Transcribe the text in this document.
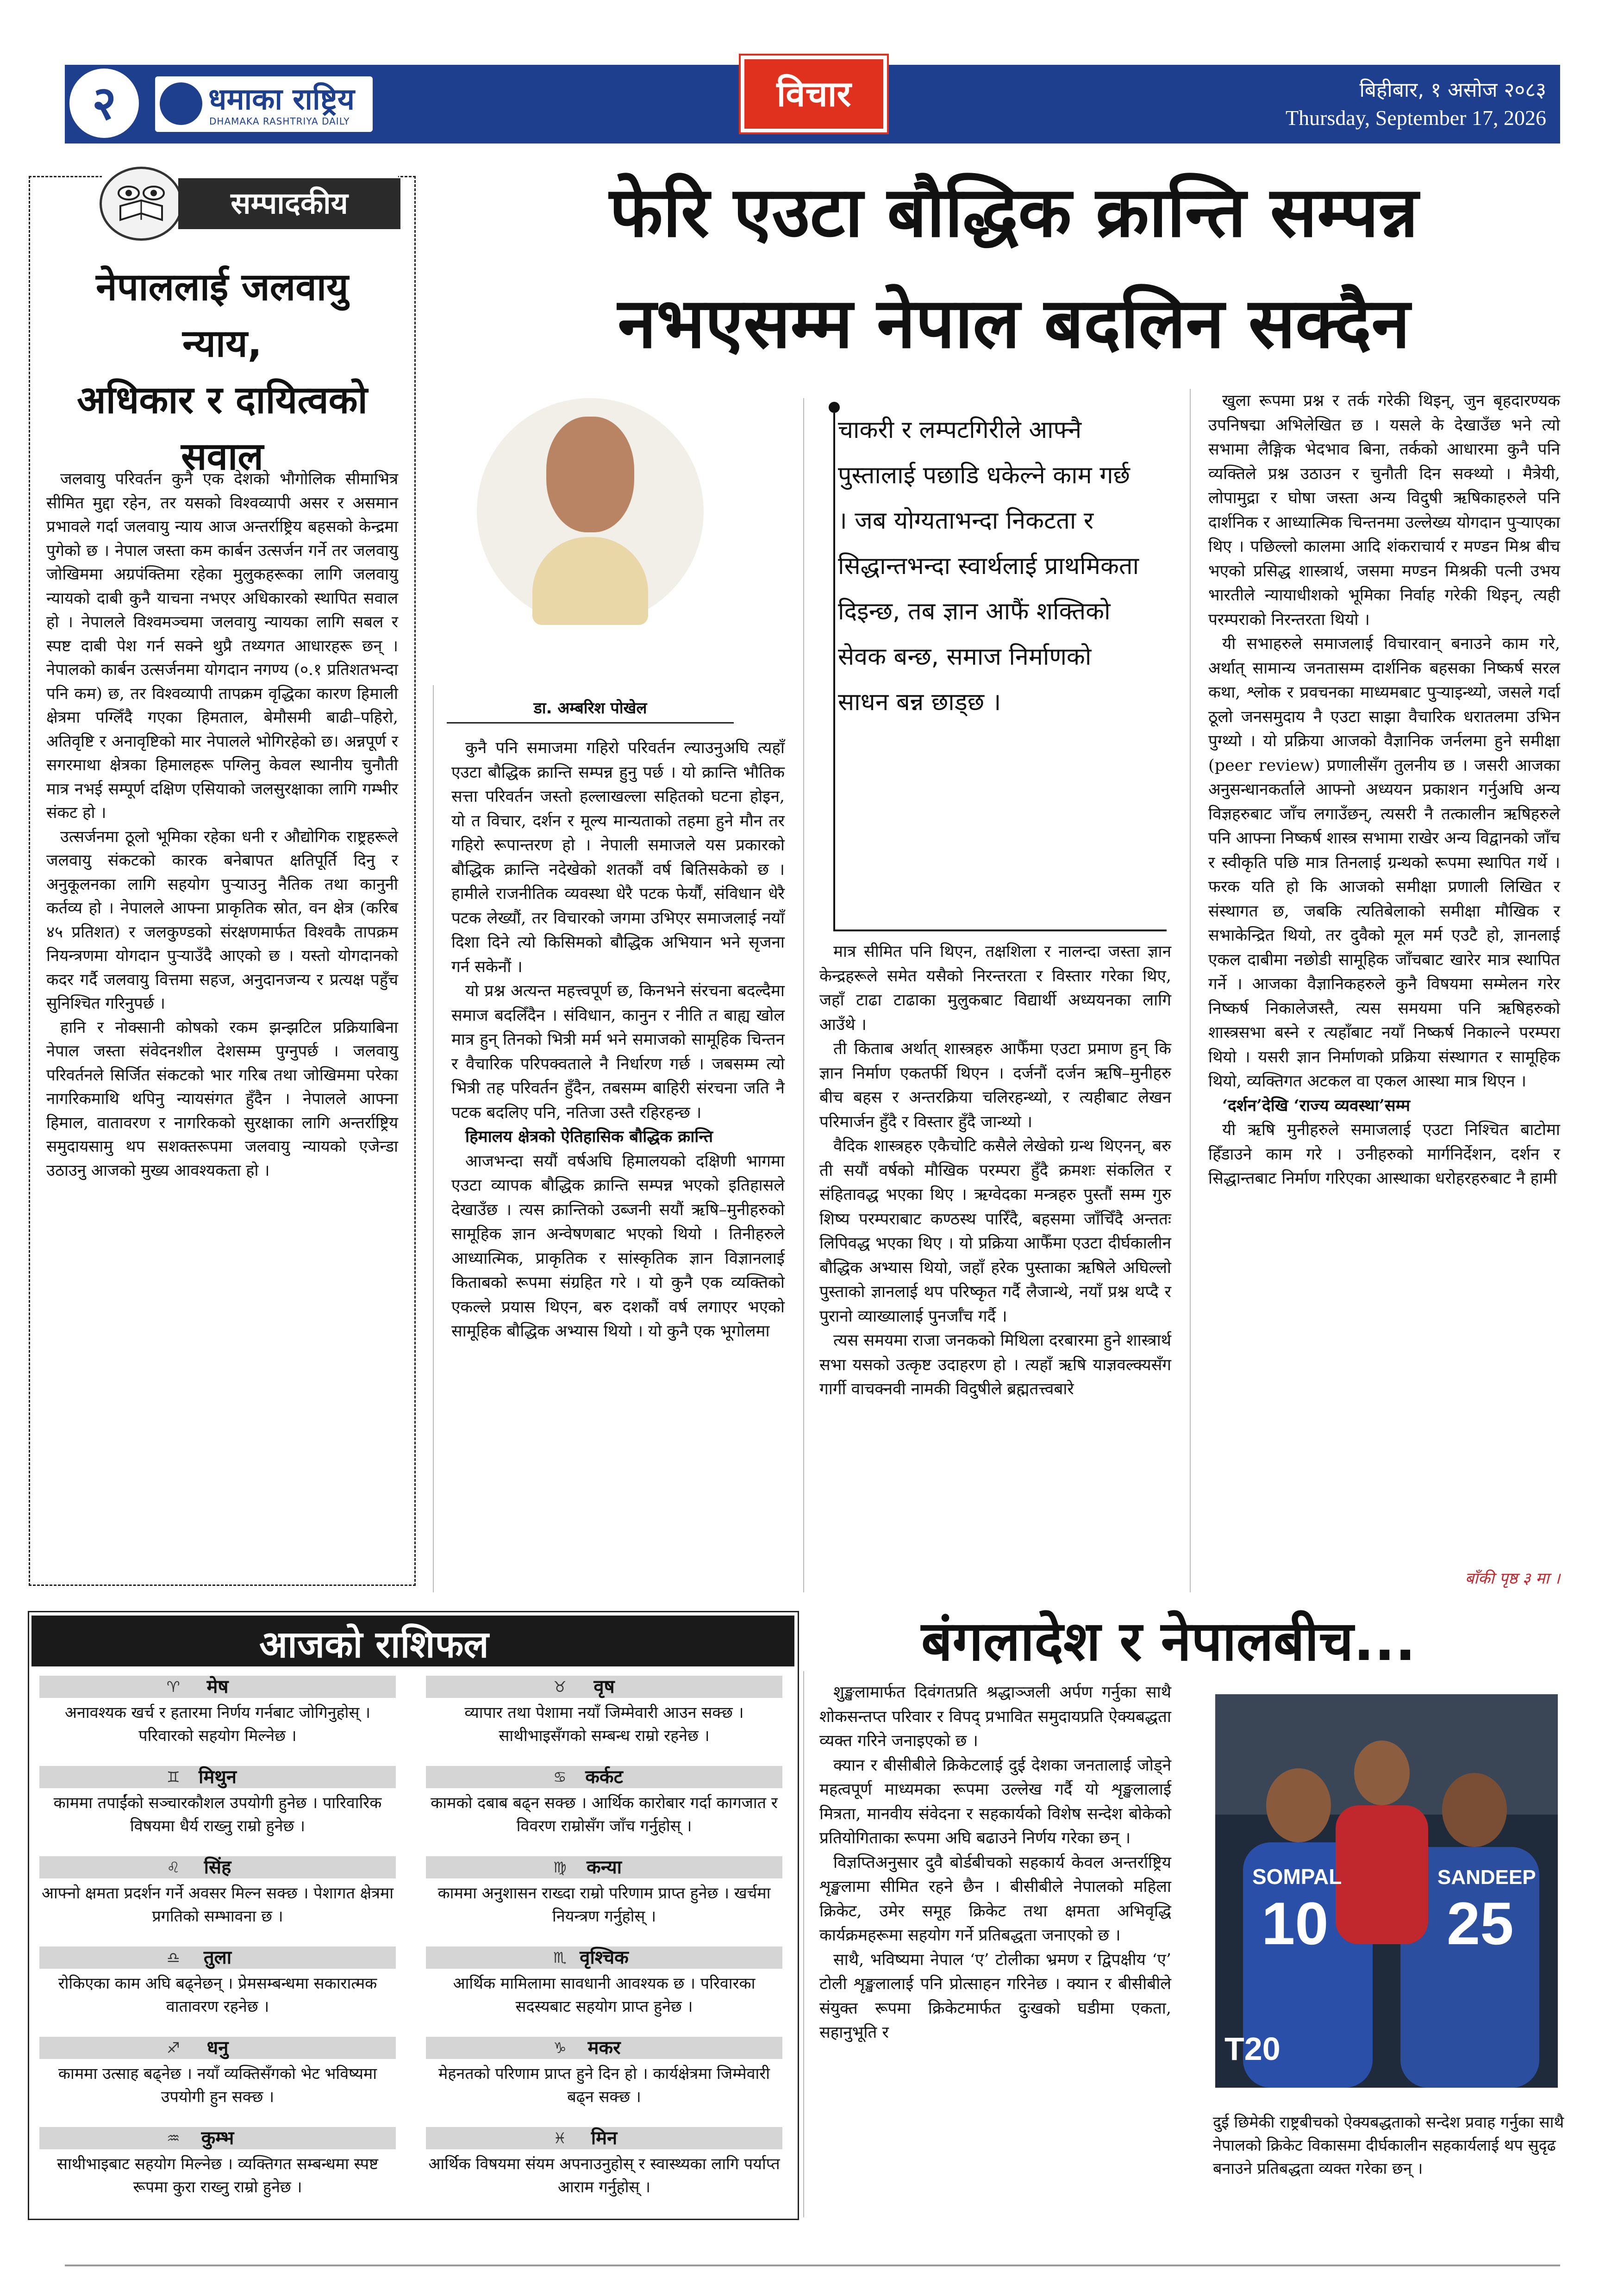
२	धमाका राष्ट्रिय
DHAMAKA RASHTRIYA DAILY
विचार	बिहीबार, १ असोज २०८३
Thursday, September 17, 2026
सम्पादकीय
नेपाललाई जलवायु न्याय,
अधिकार र दायित्वको
सवाल

जलवायु परिवर्तन कुनै एक देशको भौगोलिक सीमाभित्र सीमित मुद्दा रहेन, तर यसको विश्वव्यापी असर र असमान प्रभावले गर्दा जलवायु न्याय आज अन्तर्राष्ट्रिय बहसको केन्द्रमा पुगेको छ । नेपाल जस्ता कम कार्बन उत्सर्जन गर्ने तर जलवायु जोखिममा अग्रपंक्तिमा रहेका मुलुकहरूका लागि जलवायु न्यायको दाबी कुनै याचना नभएर अधिकारको स्थापित सवाल हो । नेपालले विश्वमञ्चमा जलवायु न्यायका लागि सबल र स्पष्ट दाबी पेश गर्न सक्ने थुप्रै तथ्यगत आधारहरू छन् । नेपालको कार्बन उत्सर्जनमा योगदान नगण्य (०.१ प्रतिशतभन्दा पनि कम) छ, तर विश्वव्यापी तापक्रम वृद्धिका कारण हिमाली क्षेत्रमा पग्लिँदै गएका हिमताल, बेमौसमी बाढी–पहिरो, अतिवृष्टि र अनावृष्टिको मार नेपालले भोगिरहेको छ। अन्नपूर्ण र सगरमाथा क्षेत्रका हिमालहरू पग्लिनु केवल स्थानीय चुनौती मात्र नभई सम्पूर्ण दक्षिण एसियाको जलसुरक्षाका लागि गम्भीर संकट हो ।

उत्सर्जनमा ठूलो भूमिका रहेका धनी र औद्योगिक राष्ट्रहरूले जलवायु संकटको कारक बनेबापत क्षतिपूर्ति दिनु र अनुकूलनका लागि सहयोग पुऱ्याउनु नैतिक तथा कानुनी कर्तव्य हो । नेपालले आफ्ना प्राकृतिक स्रोत, वन क्षेत्र (करिब ४५ प्रतिशत) र जलकुण्डको संरक्षणमार्फत विश्वकै तापक्रम नियन्त्रणमा योगदान पुऱ्याउँदै आएको छ । यस्तो योगदानको कदर गर्दै जलवायु वित्तमा सहज, अनुदानजन्य र प्रत्यक्ष पहुँच सुनिश्चित गरिनुपर्छ ।

हानि र नोक्सानी कोषको रकम झन्झटिल प्रक्रियाबिना नेपाल जस्ता संवेदनशील देशसम्म पुग्नुपर्छ । जलवायु परिवर्तनले सिर्जित संकटको भार गरिब तथा जोखिममा परेका नागरिकमाथि थपिनु न्यायसंगत हुँदैन । नेपालले आफ्ना हिमाल, वातावरण र नागरिकको सुरक्षाका लागि अन्तर्राष्ट्रिय समुदायसामु थप सशक्तरूपमा जलवायु न्यायको एजेन्डा उठाउनु आजको मुख्य आवश्यकता हो ।

फेरि एउटा बौद्धिक क्रान्ति सम्पन्न
नभएसम्म नेपाल बदलिन सक्दैन
डा. अम्बरिश पोखेल

कुनै पनि समाजमा गहिरो परिवर्तन ल्याउनुअघि त्यहाँ एउटा बौद्धिक क्रान्ति सम्पन्न हुनु पर्छ । यो क्रान्ति भौतिक सत्ता परिवर्तन जस्तो हल्लाखल्ला सहितको घटना होइन, यो त विचार, दर्शन र मूल्य मान्यताको तहमा हुने मौन तर गहिरो रूपान्तरण हो । नेपाली समाजले यस प्रकारको बौद्धिक क्रान्ति नदेखेको शतकौं वर्ष बितिसकेको छ । हामीले राजनीतिक व्यवस्था धेरै पटक फेर्यौं, संविधान धेरै पटक लेख्यौं, तर विचारको जगमा उभिएर समाजलाई नयाँ दिशा दिने त्यो किसिमको बौद्धिक अभियान भने सृजना गर्न सकेनौं ।

यो प्रश्न अत्यन्त महत्त्वपूर्ण छ, किनभने संरचना बदल्दैमा समाज बदलिँदैन । संविधान, कानुन र नीति त बाह्य खोल मात्र हुन् तिनको भित्री मर्म भने समाजको सामूहिक चिन्तन र वैचारिक परिपक्वताले नै निर्धारण गर्छ । जबसम्म त्यो भित्री तह परिवर्तन हुँदैन, तबसम्म बाहिरी संरचना जति नै पटक बदलिए पनि, नतिजा उस्तै रहिरहन्छ ।

हिमालय क्षेत्रको ऐतिहासिक बौद्धिक क्रान्ति

आजभन्दा सयौं वर्षअघि हिमालयको दक्षिणी भागमा एउटा व्यापक बौद्धिक क्रान्ति सम्पन्न भएको इतिहासले देखाउँछ । त्यस क्रान्तिको उब्जनी सयौं ऋषि–मुनीहरुको सामूहिक ज्ञान अन्वेषणबाट भएको थियो । तिनीहरुले आध्यात्मिक, प्राकृतिक र सांस्कृतिक ज्ञान विज्ञानलाई किताबको रूपमा संग्रहित गरे । यो कुनै एक व्यक्तिको एकल्ले प्रयास थिएन, बरु दशकौं वर्ष लगाएर भएको सामूहिक बौद्धिक अभ्यास थियो । यो कुनै एक भूगोलमा

चाकरी र लम्पटगिरीले आफ्नै पुस्तालाई पछाडि धकेल्ने काम गर्छ । जब योग्यताभन्दा निकटता र सिद्धान्तभन्दा स्वार्थलाई प्राथमिकता दिइन्छ, तब ज्ञान आफैं शक्तिको सेवक बन्छ, समाज निर्माणको साधन बन्न छाड्छ ।

मात्र सीमित पनि थिएन, तक्षशिला र नालन्दा जस्ता ज्ञान केन्द्रहरूले समेत यसैको निरन्तरता र विस्तार गरेका थिए, जहाँ टाढा टाढाका मुलुकबाट विद्यार्थी अध्ययनका लागि आउँथे ।

ती किताब अर्थात् शास्त्रहरु आफैँमा एउटा प्रमाण हुन् कि ज्ञान निर्माण एकतर्फी थिएन । दर्जनौं दर्जन ऋषि–मुनीहरु बीच बहस र अन्तरक्रिया चलिरहन्थ्यो, र त्यहीबाट लेखन परिमार्जन हुँदै र विस्तार हुँदै जान्थ्यो ।

वैदिक शास्त्रहरु एकैचोटि कसैले लेखेको ग्रन्थ थिएनन्, बरु ती सयौं वर्षको मौखिक परम्परा हुँदै क्रमशः संकलित र संहितावद्ध भएका थिए । ऋग्वेदका मन्त्रहरु पुस्तौं सम्म गुरु शिष्य परम्पराबाट कण्ठस्थ पारिँदै, बहसमा जाँचिँदै अन्ततः लिपिवद्ध भएका थिए । यो प्रक्रिया आफैँमा एउटा दीर्घकालीन बौद्धिक अभ्यास थियो, जहाँ हरेक पुस्ताका ऋषिले अघिल्लो पुस्ताको ज्ञानलाई थप परिष्कृत गर्दै लैजान्थे, नयाँ प्रश्न थप्दै र पुरानो व्याख्यालाई पुनर्जाँच गर्दै ।

त्यस समयमा राजा जनकको मिथिला दरबारमा हुने शास्त्रार्थ सभा यसको उत्कृष्ट उदाहरण हो । त्यहाँ ऋषि याज्ञवल्क्यसँग गार्गी वाचक्नवी नामकी विदुषीले ब्रह्मतत्त्वबारे

खुला रूपमा प्रश्न र तर्क गरेकी थिइन्, जुन बृहदारण्यक उपनिषद्मा अभिलेखित छ । यसले के देखाउँछ भने त्यो सभामा लैङ्गिक भेदभाव बिना, तर्कको आधारमा कुनै पनि व्यक्तिले प्रश्न उठाउन र चुनौती दिन सक्थ्यो । मैत्रेयी, लोपामुद्रा र घोषा जस्ता अन्य विदुषी ऋषिकाहरुले पनि दार्शनिक र आध्यात्मिक चिन्तनमा उल्लेख्य योगदान पुऱ्याएका थिए । पछिल्लो कालमा आदि शंकराचार्य र मण्डन मिश्र बीच भएको प्रसिद्ध शास्त्रार्थ, जसमा मण्डन मिश्रकी पत्नी उभय भारतीले न्यायाधीशको भूमिका निर्वाह गरेकी थिइन्, त्यही परम्पराको निरन्तरता थियो ।

यी सभाहरुले समाजलाई विचारवान् बनाउने काम गरे, अर्थात् सामान्य जनतासम्म दार्शनिक बहसका निष्कर्ष सरल कथा, श्लोक र प्रवचनका माध्यमबाट पुऱ्याइन्थ्यो, जसले गर्दा ठूलो जनसमुदाय नै एउटा साझा वैचारिक धरातलमा उभिन पुग्थ्यो । यो प्रक्रिया आजको वैज्ञानिक जर्नलमा हुने समीक्षा (peer review) प्रणालीसँग तुलनीय छ । जसरी आजका अनुसन्धानकर्ताले आफ्नो अध्ययन प्रकाशन गर्नुअघि अन्य विज्ञहरुबाट जाँच लगाउँछन्, त्यसरी नै तत्कालीन ऋषिहरुले पनि आफ्ना निष्कर्ष शास्त्र सभामा राखेर अन्य विद्वानको जाँच र स्वीकृति पछि मात्र तिनलाई ग्रन्थको रूपमा स्थापित गर्थे । फरक यति हो कि आजको समीक्षा प्रणाली लिखित र संस्थागत छ, जबकि त्यतिबेलाको समीक्षा मौखिक र सभाकेन्द्रित थियो, तर दुवैको मूल मर्म एउटै हो, ज्ञानलाई एकल दाबीमा नछोडी सामूहिक जाँचबाट खारेर मात्र स्थापित गर्ने । आजका वैज्ञानिकहरुले कुनै विषयमा सम्मेलन गरेर निष्कर्ष निकालेजस्तै, त्यस समयमा पनि ऋषिहरुको शास्त्रसभा बस्ने र त्यहाँबाट नयाँ निष्कर्ष निकाल्ने परम्परा थियो । यसरी ज्ञान निर्माणको प्रक्रिया संस्थागत र सामूहिक थियो, व्यक्तिगत अटकल वा एकल आस्था मात्र थिएन ।

‘दर्शन’देखि ‘राज्य व्यवस्था’सम्म

यी ऋषि मुनीहरुले समाजलाई एउटा निश्चित बाटोमा हिँडाउने काम गरे । उनीहरुको मार्गनिर्देशन, दर्शन र सिद्धान्तबाट निर्माण गरिएका आस्थाका धरोहरहरुबाट नै हामी

बाँकी पृष्ठ ३ मा ।
आजको राशिफल
मेष
♈
अनावश्यक खर्च र हतारमा निर्णय गर्नबाट जोगिनुहोस् । परिवारको सहयोग मिल्नेछ ।
वृष
♉
व्यापार तथा पेशामा नयाँ जिम्मेवारी आउन सक्छ । साथीभाइसँगको सम्बन्ध राम्रो रहनेछ ।
मिथुन
♊
काममा तपाईंको सञ्चारकौशल उपयोगी हुनेछ । पारिवारिक विषयमा धैर्य राख्नु राम्रो हुनेछ ।
कर्कट
♋
कामको दबाब बढ्न सक्छ । आर्थिक कारोबार गर्दा कागजात र विवरण राम्रोसँग जाँच गर्नुहोस् ।
सिंह
♌
आफ्नो क्षमता प्रदर्शन गर्ने अवसर मिल्न सक्छ । पेशागत क्षेत्रमा प्रगतिको सम्भावना छ ।
कन्या
♍
काममा अनुशासन राख्दा राम्रो परिणाम प्राप्त हुनेछ । खर्चमा नियन्त्रण गर्नुहोस् ।
तुला
♎
रोकिएका काम अघि बढ्नेछन् । प्रेमसम्बन्धमा सकारात्मक वातावरण रहनेछ ।
वृश्चिक
♏
आर्थिक मामिलामा सावधानी आवश्यक छ । परिवारका सदस्यबाट सहयोग प्राप्त हुनेछ ।
धनु
♐
काममा उत्साह बढ्नेछ । नयाँ व्यक्तिसँगको भेट भविष्यमा उपयोगी हुन सक्छ ।
मकर
♑
मेहनतको परिणाम प्राप्त हुने दिन हो । कार्यक्षेत्रमा जिम्मेवारी बढ्न सक्छ ।
कुम्भ
♒
साथीभाइबाट सहयोग मिल्नेछ । व्यक्तिगत सम्बन्धमा स्पष्ट रूपमा कुरा राख्नु राम्रो हुनेछ ।
मिन
♓
आर्थिक विषयमा संयम अपनाउनुहोस् र स्वास्थ्यका लागि पर्याप्त आराम गर्नुहोस् ।
बंगलादेश र नेपालबीच...

शुङ्खलामार्फत दिवंगतप्रति श्रद्धाञ्जली अर्पण गर्नुका साथै शोकसन्तप्त परिवार र विपद् प्रभावित समुदायप्रति ऐक्यबद्धता व्यक्त गरिने जनाइएको छ ।

क्यान र बीसीबीले क्रिकेटलाई दुई देशका जनतालाई जोड्ने महत्वपूर्ण माध्यमका रूपमा उल्लेख गर्दै यो शृङ्खलालाई मित्रता, मानवीय संवेदना र सहकार्यको विशेष सन्देश बोकेको प्रतियोगिताका रूपमा अघि बढाउने निर्णय गरेका छन् ।

विज्ञप्तिअनुसार दुवै बोर्डबीचको सहकार्य केवल अन्तर्राष्ट्रिय शृङ्खलामा सीमित रहने छैन । बीसीबीले नेपालको महिला क्रिकेट, उमेर समूह क्रिकेट तथा क्षमता अभिवृद्धि कार्यक्रमहरूमा सहयोग गर्ने प्रतिबद्धता जनाएको छ ।

साथै, भविष्यमा नेपाल ‘ए’ टोलीका भ्रमण र द्विपक्षीय ‘ए’ टोली शृङ्खलालाई पनि प्रोत्साहन गरिनेछ । क्यान र बीसीबीले संयुक्त रूपमा क्रिकेटमार्फत दुःखको घडीमा एकता, सहानुभूति र

SOMPAL
10
SANDEEP
25
T20
दुई छिमेकी राष्ट्रबीचको ऐक्यबद्धताको सन्देश प्रवाह गर्नुका साथै नेपालको क्रिकेट विकासमा दीर्घकालीन सहकार्यलाई थप सुदृढ बनाउने प्रतिबद्धता व्यक्त गरेका छन् ।
